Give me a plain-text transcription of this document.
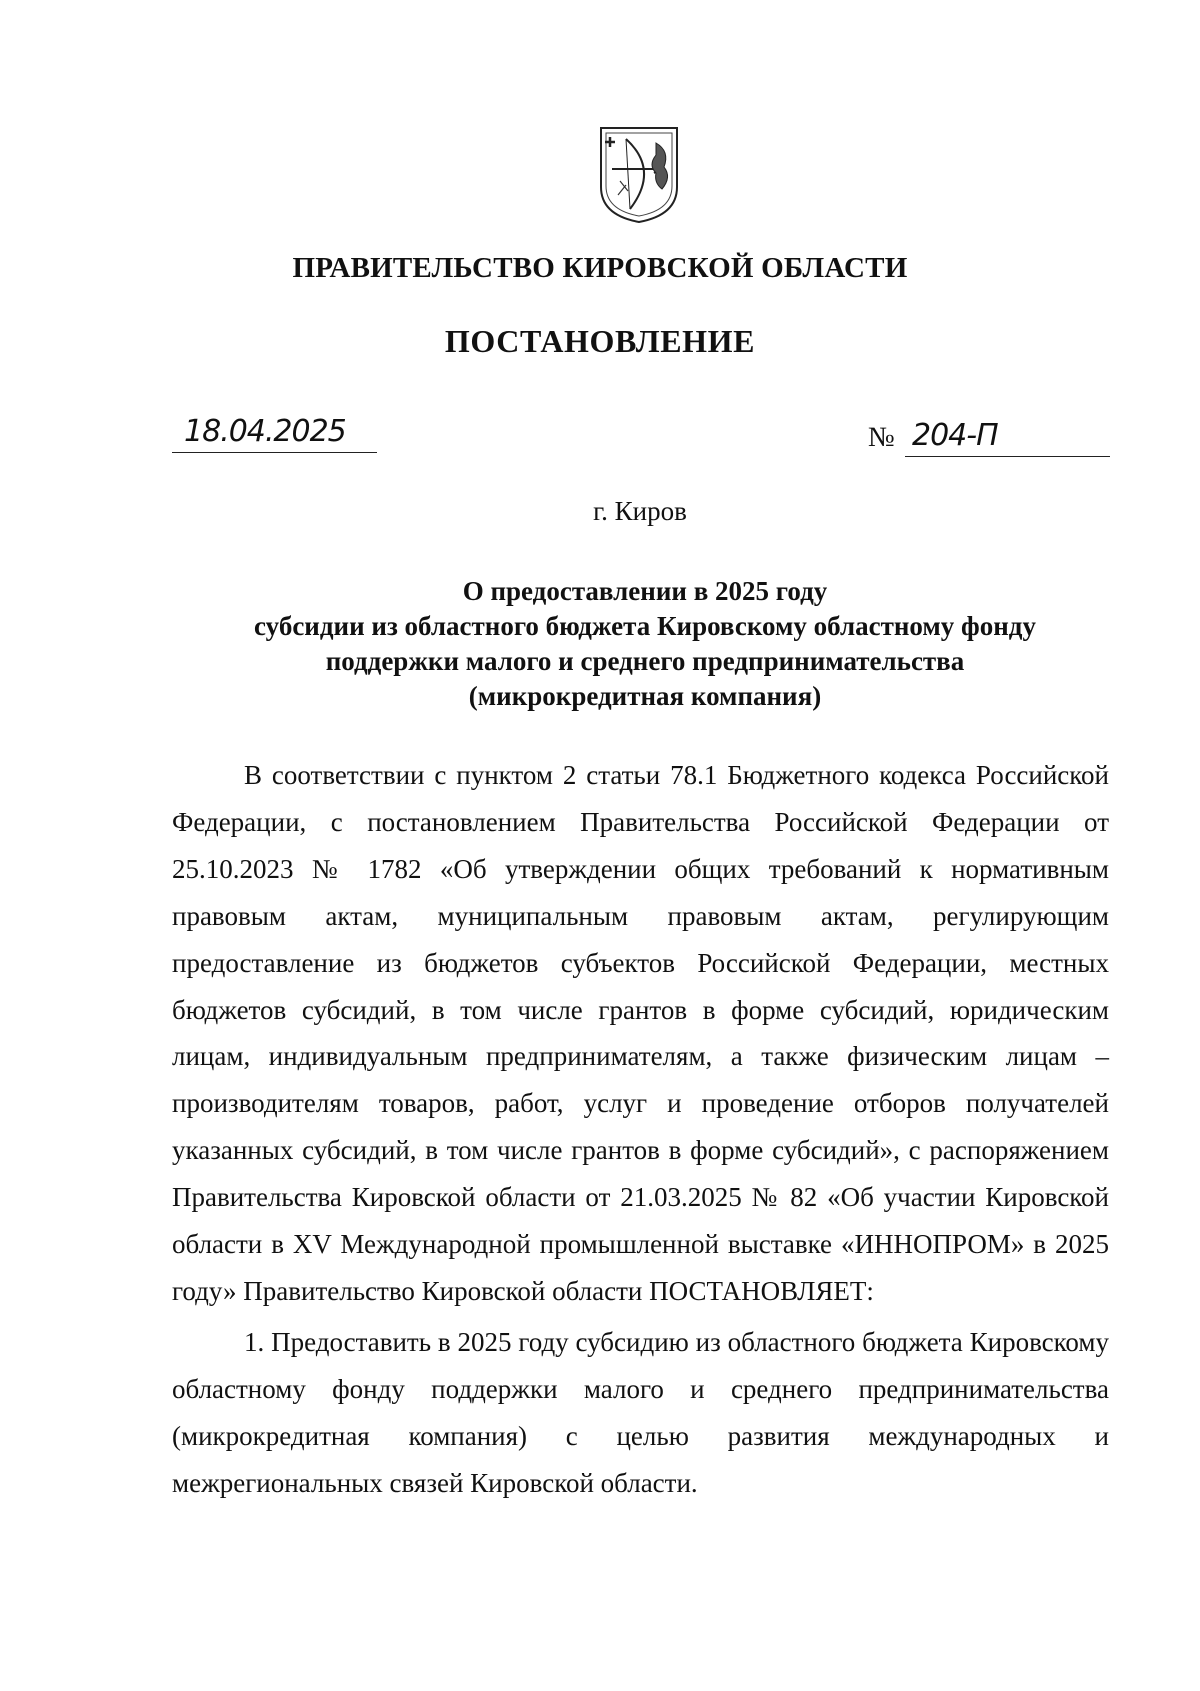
ПРАВИТЕЛЬСТВО КИРОВСКОЙ ОБЛАСТИ
ПОСТАНОВЛЕНИЕ
18.04.2025	№ 204-П
г. Киров
О предоставлении в 2025 году
субсидии из областного бюджета Кировскому областному фонду
поддержки малого и среднего предпринимательства
(микрокредитная компания)

В соответствии с пунктом 2 статьи 78.1 Бюджетного кодекса Российской Федерации, с постановлением Правительства Российской Федерации от 25.10.2023 № 1782 «Об утверждении общих требований к нормативным правовым актам, муниципальным правовым актам, регулирующим предоставление из бюджетов субъектов Российской Федерации, местных бюджетов субсидий, в том числе грантов в форме субсидий, юридическим лицам, индивидуальным предпринимателям, а также физическим лицам – производителям товаров, работ, услуг и проведение отборов получателей указанных субсидий, в том числе грантов в форме субсидий», с распоряжением Правительства Кировской области от 21.03.2025 № 82 «Об участии Кировской области в XV Международной промышленной выставке «ИННОПРОМ» в 2025 году» Правительство Кировской области ПОСТАНОВЛЯЕТ:

1. Предоставить в 2025 году субсидию из областного бюджета Кировскому областному фонду поддержки малого и среднего предпринимательства (микрокредитная компания) с целью развития международных и межрегиональных связей Кировской области.
